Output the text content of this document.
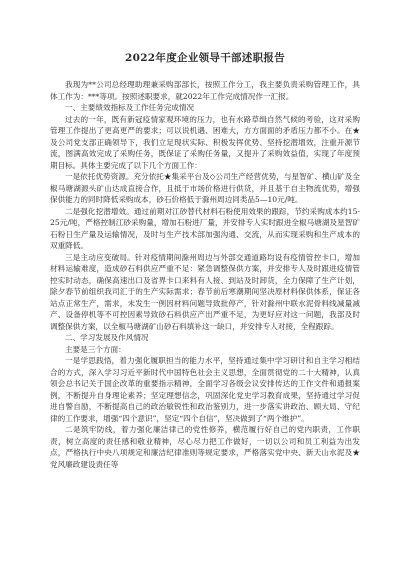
2022年度企业领导干部述职报告

我现为**公司总经理助理兼采购部部长，按照工作分工，我主要负责采购管理工作，具体工作为：***等项。按照述职要求，就2022年工作完成情况作一汇报。

一、主要绩效指标及工作任务完成情况

过去的一年，既有新冠疫情家观环境的压力，也有水路草缉自然气候的考验，这对采购管理工作提出了更高更严的要求；可以说机遇、困难大，方方面面的矛盾压力都不小。在★及公司党支部正确领导下，我们立足现状实际、积极发挥优势、坚持挖潜增效，注重开源节流，图满高效完成了采购任务，既保证了采购任务量，又提升了采购效益值，实现了年度预期目标。具体主要完成了以下几个方面工作：

一是依托优势资源。充分依托★集采平台及◇公司生产经营优势，与星智矿、横山矿及全椒马塘湖源头矿山达成直接合作，且抵于市场价格进行供货，并且基于自主物流优势，增强保供能力的同时降低采购成本，砂石价格低于滁州周边同类品5—10元/吨。

二是强化挖潜增效。通过前期对江砂替代材料石粉使用效果的跟踪，节约采购成本约15-25元/吨，严格控制江砂采购量，增加石粉进厂量，并安排专人实时跟进全椒马塘湖及星智矿石粉日生产量及运输情况，及时与生产技术部加强沟通、交流，从而实现采购和生产成本的双重降低。

三是主动应变破局。针对疫情期间滁州周边与外部交通道路均设有疫情管控卡口，增加材料运输难度，造成砂石料供应严重不足：紧急调整保供方案，并安排专人及时跟进疫情管控实时动态，确保高速出口及省界卡口来料有人接、到站及时卸货，全力保障了生产计划，除夕春节前组织我司汇于的生产实际需求；春节前后寒潮期间坚决原材料保供体系，保证各站点正常生产，需求，未发生一例因材料问题导致批停产，针对滁州中联水泥骨料线减量减产、设备停机等不可控因素导致砂石料供应产出严重不足，为更好应对这一问题，我部及时调整保供方案，以全椒马塘湖矿山砂石料填补这一缺口，并安排专人对接，全程跟踪。

二、学习发展及作风情况

主要是三个方面：

一是学思践悟，着力强化履职担当的能力水平，坚持通过集中学习研讨和自主学习相结合的方式，深入学习习近平新时代中国特色社会主义思想，全面贯彻党的二十大精神，认真领会总书记关于国企改革的重要指示精神，全面学习各级会议安排传达的工作文件和通报案例，不断提升自身理论素养；坚定理想信念，巩固深化党史学习教育成果，坚持通过学习促进自警自励，不断提高自己的政治敏锐性和政治鉴别力，进一步落实讲政治、顾大局、守纪律的工作要求，增强“四个意识”，坚定“四个自信”，坚决做到了“两个维护”。

二是筑牢防线，着力强化廉洁律己的党性修养，横范履行好自己的党内职责，工作职责，树立高度的责任感和敬业精神，尽心尽力把工作做好，一切以公司和员工利益为出发点，严格执行中央八项规定和廉洁纪律准则等规定要求，严格落实党中央、新天山水泥及★党风廉政建设责任等
